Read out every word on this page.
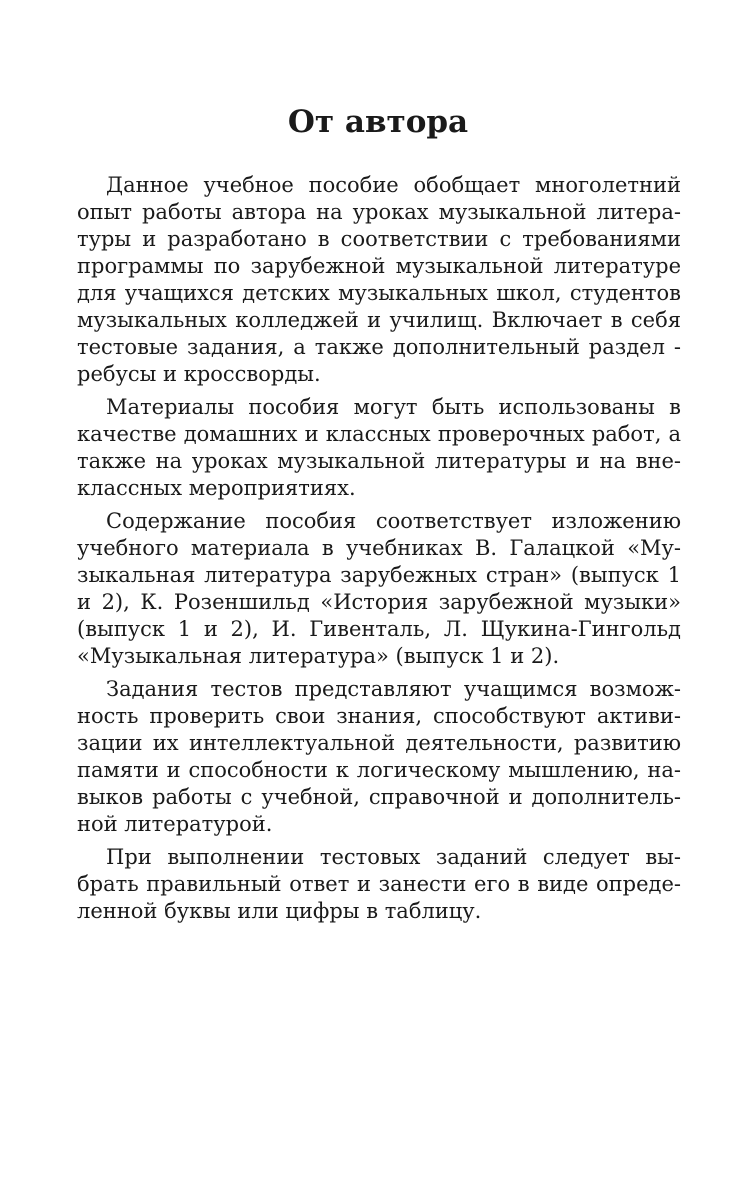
От автора

Данное учебное пособие обобщает многолетний
опыт работы автора на уроках музыкальной литера-
туры и разработано в соответствии с требованиями
программы по зарубежной музыкальной литературе
для учащихся детских музыкальных школ, студентов
музыкальных колледжей и училищ. Включает в себя
тестовые задания, а также дополнительный раздел -
ребусы и кроссворды.

Материалы пособия могут быть использованы в
качестве домашних и классных проверочных работ, а
также на уроках музыкальной литературы и на вне-
классных мероприятиях.

Содержание пособия соответствует изложению
учебного материала в учебниках В. Галацкой «Му-
зыкальная литература зарубежных стран» (выпуск 1
и 2), К. Розеншильд «История зарубежной музыки»
(выпуск 1 и 2), И. Гивенталь, Л. Щукина-Гингольд
«Музыкальная литература» (выпуск 1 и 2).

Задания тестов представляют учащимся возмож-
ность проверить свои знания, способствуют активи-
зации их интеллектуальной деятельности, развитию
памяти и способности к логическому мышлению, на-
выков работы с учебной, справочной и дополнитель-
ной литературой.

При выполнении тестовых заданий следует вы-
брать правильный ответ и занести его в виде опреде-
ленной буквы или цифры в таблицу.
